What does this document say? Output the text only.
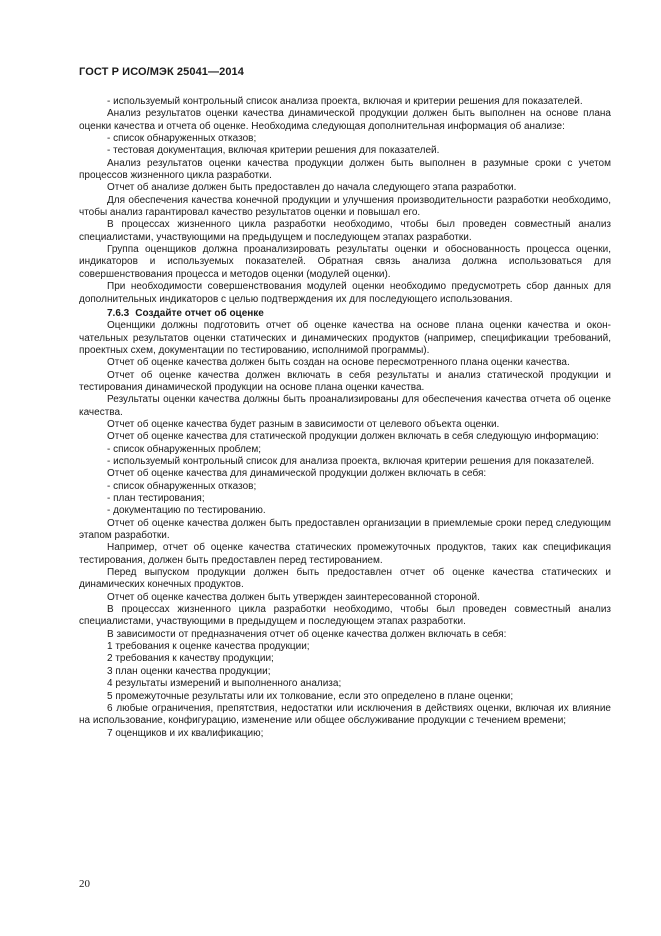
ГОСТ Р ИСО/МЭК 25041—2014

- используемый контрольный список анализа проекта, включая и критерии решения для показателей.

Анализ результатов оценки качества динамической продукции должен быть выполнен на основе плана оценки качества и отчета об оценке. Необходима следующая дополнительная информация об анализе:

- список обнаруженных отказов;

- тестовая документация, включая критерии решения для показателей.

Анализ результатов оценки качества продукции должен быть выполнен в разумные сроки с учетом процессов жизненного цикла разработки.

Отчет об анализе должен быть предоставлен до начала следующего этапа разработки.

Для обеспечения качества конечной продукции и улучшения производительности разработки необходимо, чтобы анализ гарантировал качество результатов оценки и повышал его.

В процессах жизненного цикла разработки необходимо, чтобы был проведен совместный анализ специалистами, участвующими на предыдущем и последующем этапах разработки.

Группа оценщиков должна проанализировать результаты оценки и обоснованность процесса оценки, индикаторов и используемых показателей. Обратная связь анализа должна использоваться для совершенствования процесса и методов оценки (модулей оценки).

При необходимости совершенствования модулей оценки необходимо предусмотреть сбор данных для дополнительных индикаторов с целью подтверждения их для последующего использования.

7.6.3 Создайте отчет об оценке

Оценщики должны подготовить отчет об оценке качества на основе плана оценки качества и окончательных результатов оценки статических и динамических продуктов (например, спецификации требований, проектных схем, документации по тестированию, исполнимой программы).

Отчет об оценке качества должен быть создан на основе пересмотренного плана оценки качества.

Отчет об оценке качества должен включать в себя результаты и анализ статической продукции и тестирования динамической продукции на основе плана оценки качества.

Результаты оценки качества должны быть проанализированы для обеспечения качества отчета об оценке качества.

Отчет об оценке качества будет разным в зависимости от целевого объекта оценки.

Отчет об оценке качества для статической продукции должен включать в себя следующую информацию:

- список обнаруженных проблем;

- используемый контрольный список для анализа проекта, включая критерии решения для показателей.

Отчет об оценке качества для динамической продукции должен включать в себя:

- список обнаруженных отказов;

- план тестирования;

- документацию по тестированию.

Отчет об оценке качества должен быть предоставлен организации в приемлемые сроки перед следующим этапом разработки.

Например, отчет об оценке качества статических промежуточных продуктов, таких как спецификация тестирования, должен быть предоставлен перед тестированием.

Перед выпуском продукции должен быть предоставлен отчет об оценке качества статических и динамических конечных продуктов.

Отчет об оценке качества должен быть утвержден заинтересованной стороной.

В процессах жизненного цикла разработки необходимо, чтобы был проведен совместный анализ специалистами, участвующими в предыдущем и последующем этапах разработки.

В зависимости от предназначения отчет об оценке качества должен включать в себя:

1 требования к оценке качества продукции;

2 требования к качеству продукции;

3 план оценки качества продукции;

4 результаты измерений и выполненного анализа;

5 промежуточные результаты или их толкование, если это определено в плане оценки;

6 любые ограничения, препятствия, недостатки или исключения в действиях оценки, включая их влияние на использование, конфигурацию, изменение или общее обслуживание продукции с течением времени;

7 оценщиков и их квалификацию;

20
